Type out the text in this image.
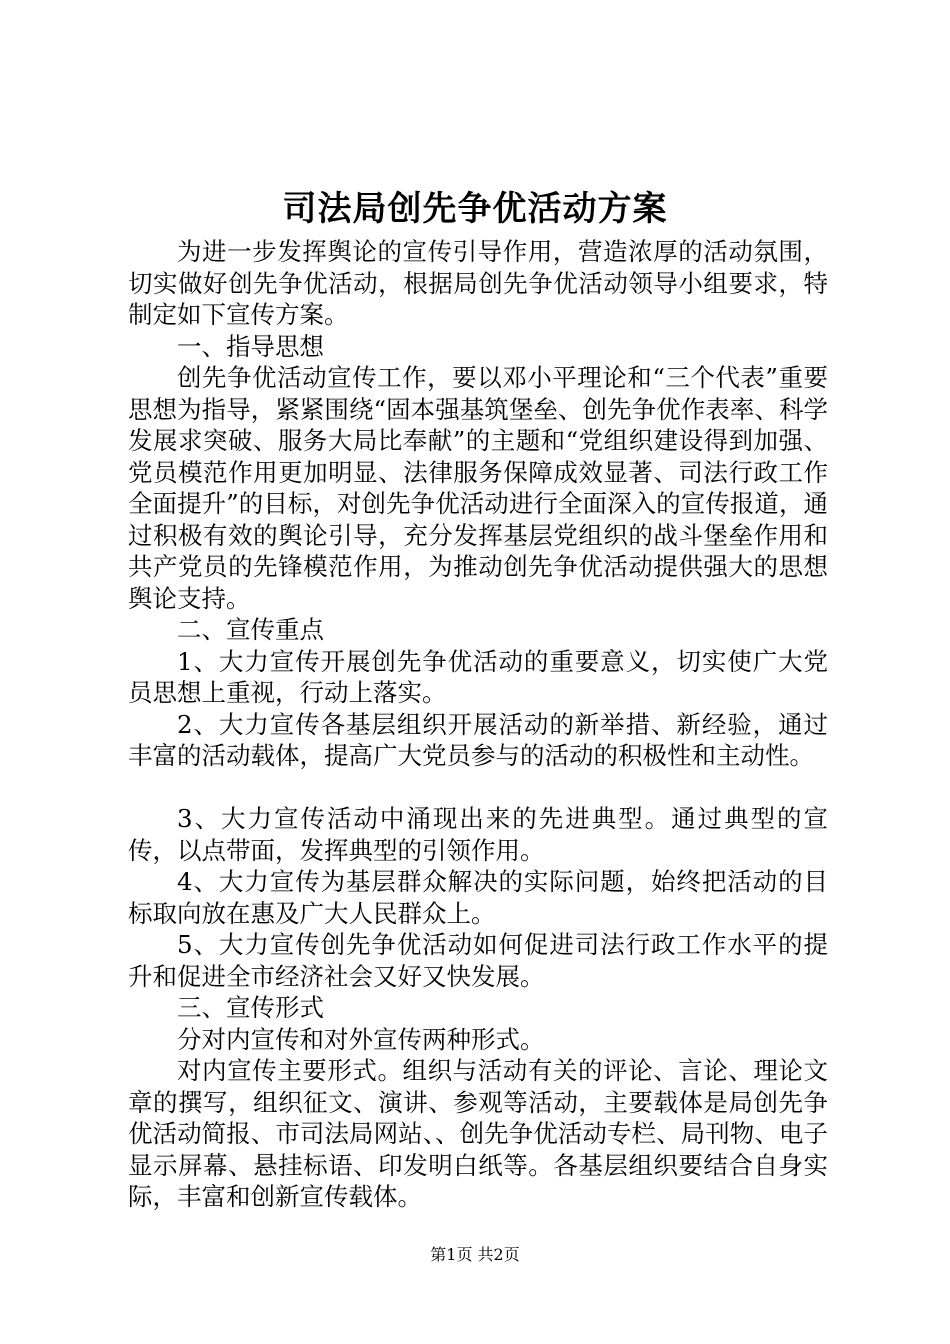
司法局创先争优活动方案

为进一步发挥舆论的宣传引导作用，营造浓厚的活动氛围，切实做好创先争优活动，根据局创先争优活动领导小组要求，特制定如下宣传方案。

一、指导思想

创先争优活动宣传工作，要以邓小平理论和“三个代表”重要思想为指导，紧紧围绕“固本强基筑堡垒、创先争优作表率、科学发展求突破、服务大局比奉献”的主题和“党组织建设得到加强、党员模范作用更加明显、法律服务保障成效显著、司法行政工作全面提升”的目标，对创先争优活动进行全面深入的宣传报道，通过积极有效的舆论引导，充分发挥基层党组织的战斗堡垒作用和共产党员的先锋模范作用，为推动创先争优活动提供强大的思想舆论支持。

二、宣传重点

1、大力宣传开展创先争优活动的重要意义，切实使广大党员思想上重视，行动上落实。

2、大力宣传各基层组织开展活动的新举措、新经验，通过丰富的活动载体，提高广大党员参与的活动的积极性和主动性。

3、大力宣传活动中涌现出来的先进典型。通过典型的宣传，以点带面，发挥典型的引领作用。

4、大力宣传为基层群众解决的实际问题，始终把活动的目标取向放在惠及广大人民群众上。

5、大力宣传创先争优活动如何促进司法行政工作水平的提升和促进全市经济社会又好又快发展。

三、宣传形式

分对内宣传和对外宣传两种形式。

对内宣传主要形式。组织与活动有关的评论、言论、理论文章的撰写，组织征文、演讲、参观等活动，主要载体是局创先争优活动简报、市司法局网站、、创先争优活动专栏、局刊物、电子显示屏幕、悬挂标语、印发明白纸等。各基层组织要结合自身实际，丰富和创新宣传载体。

第1页 共2页
